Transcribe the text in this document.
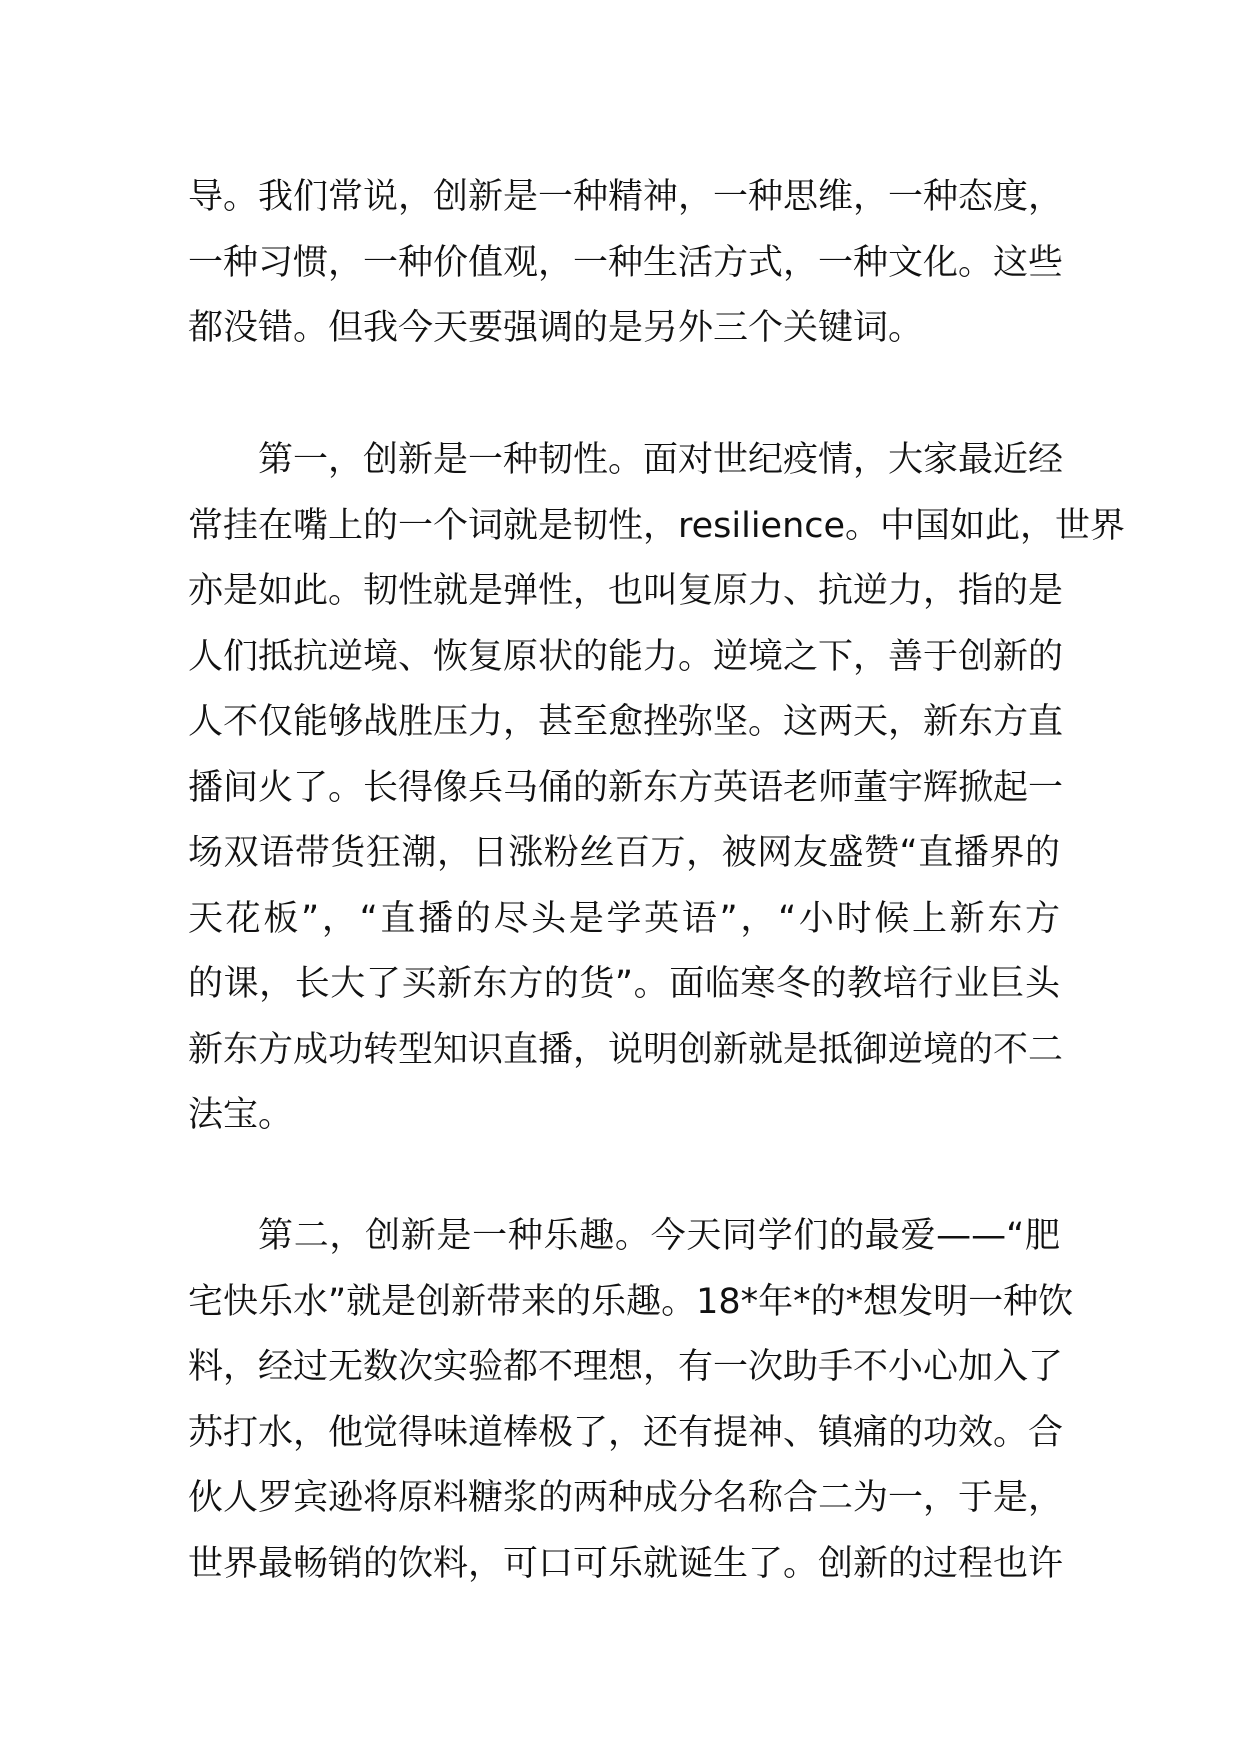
导。我们常说，创新是一种精神，一种思维，一种态度，
一种习惯，一种价值观，一种生活方式，一种文化。这些
都没错。但我今天要强调的是另外三个关键词。
第一，创新是一种韧性。面对世纪疫情，大家最近经
常挂在嘴上的一个词就是韧性，resilience。中国如此，世界
亦是如此。韧性就是弹性，也叫复原力、抗逆力，指的是
人们抵抗逆境、恢复原状的能力。逆境之下，善于创新的
人不仅能够战胜压力，甚至愈挫弥坚。这两天，新东方直
播间火了。长得像兵马俑的新东方英语老师董宇辉掀起一
场双语带货狂潮，日涨粉丝百万，被网友盛赞“直播界的
天花板”，“直播的尽头是学英语”，“小时候上新东方
的课，长大了买新东方的货”。面临寒冬的教培行业巨头
新东方成功转型知识直播，说明创新就是抵御逆境的不二
法宝。
第二，创新是一种乐趣。今天同学们的最爱——“肥
宅快乐水”就是创新带来的乐趣。18*年*的*想发明一种饮
料，经过无数次实验都不理想，有一次助手不小心加入了
苏打水，他觉得味道棒极了，还有提神、镇痛的功效。合
伙人罗宾逊将原料糖浆的两种成分名称合二为一，于是，
世界最畅销的饮料，可口可乐就诞生了。创新的过程也许
